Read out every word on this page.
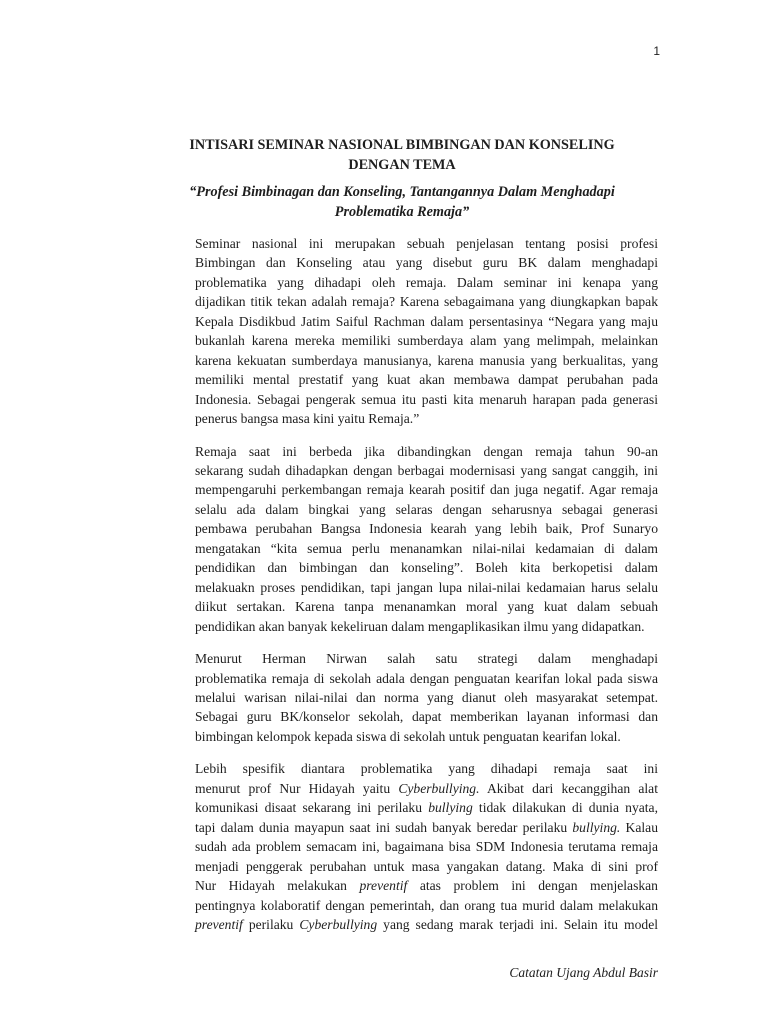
1
INTISARI SEMINAR NASIONAL BIMBINGAN DAN KONSELING
DENGAN TEMA
“Profesi Bimbinagan dan Konseling, Tantangannya Dalam Menghadapi
Problematika Remaja”

Seminar nasional ini merupakan sebuah penjelasan tentang posisi profesi
Bimbingan dan Konseling atau yang disebut guru BK dalam menghadapi
problematika yang dihadapi oleh remaja. Dalam seminar ini kenapa yang
dijadikan titik tekan adalah remaja? Karena sebagaimana yang diungkapkan bapak
Kepala Disdikbud Jatim Saiful Rachman dalam persentasinya “Negara yang maju
bukanlah karena mereka memiliki sumberdaya alam yang melimpah, melainkan
karena kekuatan sumberdaya manusianya, karena manusia yang berkualitas, yang
memiliki mental prestatif yang kuat akan membawa dampat perubahan pada
Indonesia. Sebagai pengerak semua itu pasti kita menaruh harapan pada generasi
penerus bangsa masa kini yaitu Remaja.”

Remaja saat ini berbeda jika dibandingkan dengan remaja tahun 90-an
sekarang sudah dihadapkan dengan berbagai modernisasi yang sangat canggih, ini
mempengaruhi perkembangan remaja kearah positif dan juga negatif. Agar remaja
selalu ada dalam bingkai yang selaras dengan seharusnya sebagai generasi
pembawa perubahan Bangsa Indonesia kearah yang lebih baik, Prof Sunaryo
mengatakan “kita semua perlu menanamkan nilai-nilai kedamaian di dalam
pendidikan dan bimbingan dan konseling”. Boleh kita berkopetisi dalam
melakuakn proses pendidikan, tapi jangan lupa nilai-nilai kedamaian harus selalu
diikut sertakan. Karena tanpa menanamkan moral yang kuat dalam sebuah
pendidikan akan banyak kekeliruan dalam mengaplikasikan ilmu yang didapatkan.

Menurut Herman Nirwan salah satu strategi dalam menghadapi
problematika remaja di sekolah adala dengan penguatan kearifan lokal pada siswa
melalui warisan nilai-nilai dan norma yang dianut oleh masyarakat setempat.
Sebagai guru BK/konselor sekolah, dapat memberikan layanan informasi dan
bimbingan kelompok kepada siswa di sekolah untuk penguatan kearifan lokal.

Lebih spesifik diantara problematika yang dihadapi remaja saat ini
menurut prof Nur Hidayah yaitu Cyberbullying. Akibat dari kecanggihan alat
komunikasi disaat sekarang ini perilaku bullying tidak dilakukan di dunia nyata,
tapi dalam dunia mayapun saat ini sudah banyak beredar perilaku bullying. Kalau
sudah ada problem semacam ini, bagaimana bisa SDM Indonesia terutama remaja
menjadi penggerak perubahan untuk masa yangakan datang. Maka di sini prof
Nur Hidayah melakukan preventif atas problem ini dengan menjelaskan
pentingnya kolaboratif dengan pemerintah, dan orang tua murid dalam melakukan
preventif perilaku Cyberbullying yang sedang marak terjadi ini. Selain itu model

Catatan Ujang Abdul Basir
